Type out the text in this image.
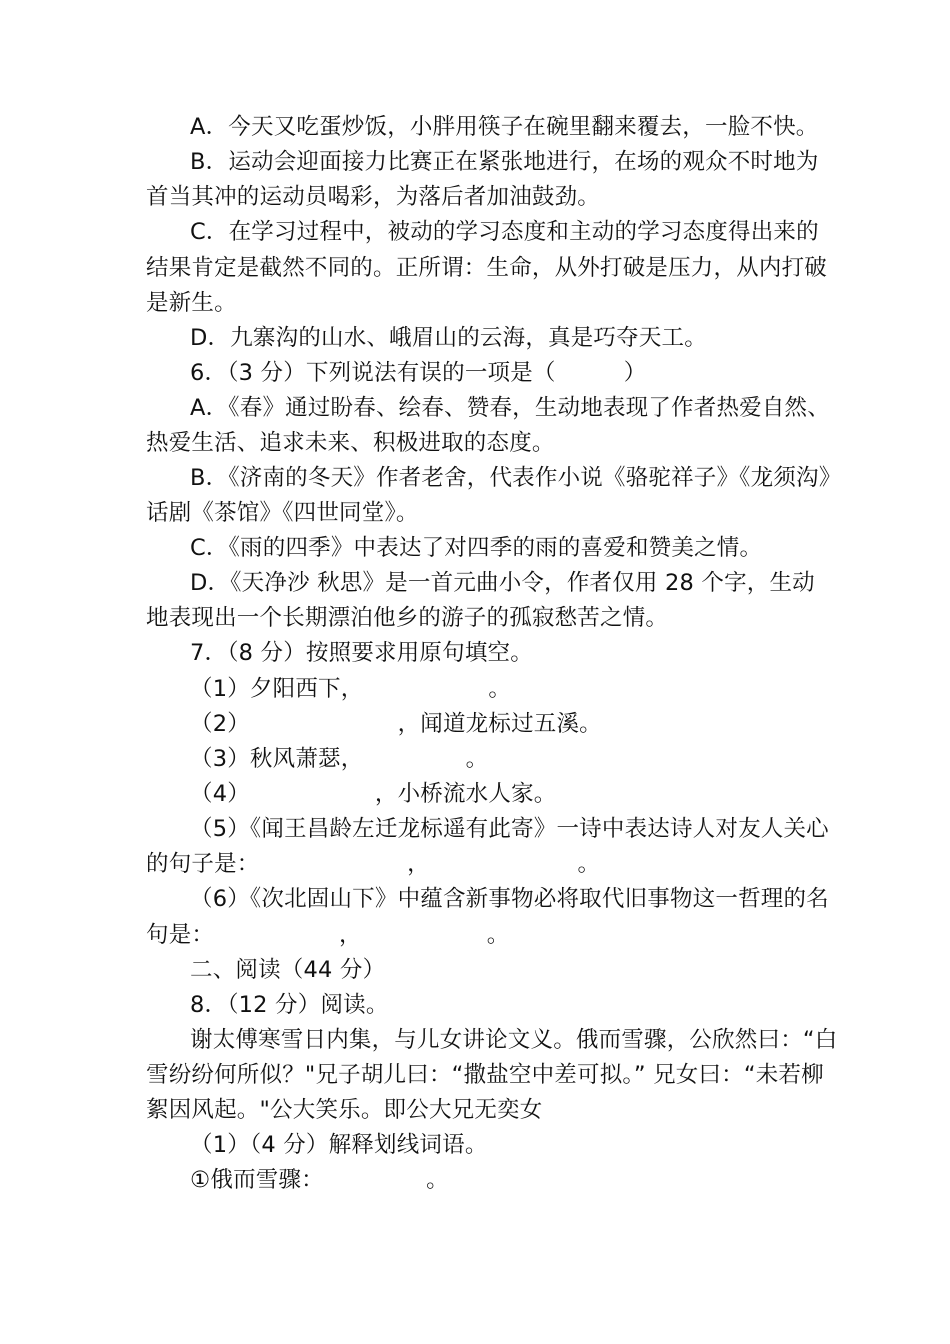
A．今天又吃蛋炒饭，小胖用筷子在碗里翻来覆去，一脸不快。
B．运动会迎面接力比赛正在紧张地进行，在场的观众不时地为
首当其冲的运动员喝彩，为落后者加油鼓劲。
C．在学习过程中，被动的学习态度和主动的学习态度得出来的
结果肯定是截然不同的。正所谓：生命，从外打破是压力，从内打破
是新生。
D．九寨沟的山水、峨眉山的云海，真是巧夺天工。
6．（3 分）下列说法有误的一项是（　　　）
A．《春》通过盼春、绘春、赞春，生动地表现了作者热爱自然、
热爱生活、追求未来、积极进取的态度。
B．《济南的冬天》作者老舍，代表作小说《骆驼祥子》《龙须沟》
话剧《茶馆》《四世同堂》。
C．《雨的四季》中表达了对四季的雨的喜爱和赞美之情。
D．《天净沙 秋思》是一首元曲小令，作者仅用 28 个字，生动
地表现出一个长期漂泊他乡的游子的孤寂愁苦之情。
7．（8 分）按照要求用原句填空。
（1）夕阳西下，　　　　　　。
（2）　　　　　　　，闻道龙标过五溪。
（3）秋风萧瑟，　　　　　。
（4）　　　　　　，小桥流水人家。
（5）《闻王昌龄左迁龙标遥有此寄》一诗中表达诗人对友人关心
的句子是：　　　　　　　，　　　　　　　。
（6）《次北固山下》中蕴含新事物必将取代旧事物这一哲理的名
句是：　　　　　　，　　　　　　。
二、阅读（44 分）
8．（12 分）阅读。
谢太傅寒雪日内集，与儿女讲论文义。俄而雪骤，公欣然曰：“白
雪纷纷何所似？"兄子胡儿曰：“撒盐空中差可拟。” 兄女曰：“未若柳
絮因风起。"公大笑乐。即公大兄无奕女
（1）（4 分）解释划线词语。
①俄而雪骤：　　　　　。
